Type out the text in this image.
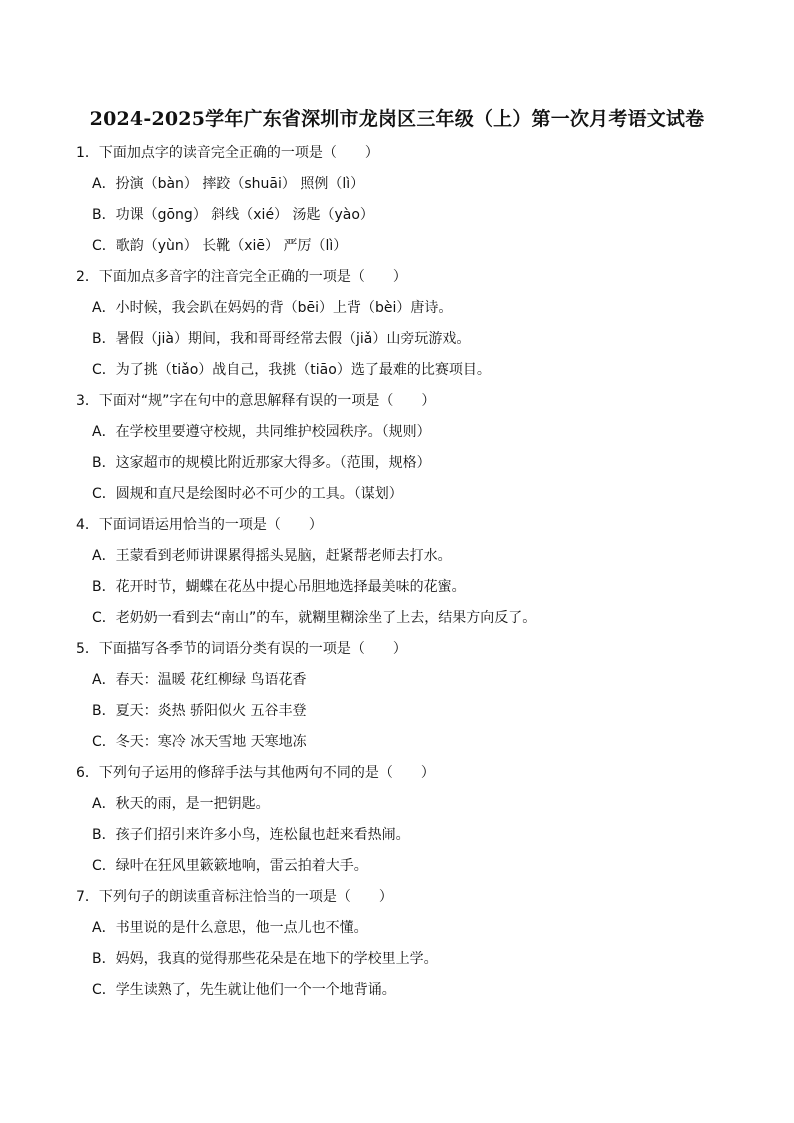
2024-2025学年广东省深圳市龙岗区三年级（上）第一次月考语文试卷
1．下面加点字的读音完全正确的一项是（　　）
A．扮演（bàn） 摔跤（shuāi） 照例（lì）
B．功课（gōng） 斜线（xié） 汤匙（yào）
C．歌韵（yùn） 长靴（xiē） 严厉（lì）
2．下面加点多音字的注音完全正确的一项是（　　）
A．小时候，我会趴在妈妈的背（bēi）上背（bèi）唐诗。
B．暑假（jià）期间，我和哥哥经常去假（jiǎ）山旁玩游戏。
C．为了挑（tiǎo）战自己，我挑（tiāo）选了最难的比赛项目。
3．下面对“规”字在句中的意思解释有误的一项是（　　）
A．在学校里要遵守校规，共同维护校园秩序。（规则）
B．这家超市的规模比附近那家大得多。（范围，规格）
C．圆规和直尺是绘图时必不可少的工具。（谋划）
4．下面词语运用恰当的一项是（　　）
A．王蒙看到老师讲课累得摇头晃脑，赶紧帮老师去打水。
B．花开时节，蝴蝶在花丛中提心吊胆地选择最美味的花蜜。
C．老奶奶一看到去“南山”的车，就糊里糊涂坐了上去，结果方向反了。
5．下面描写各季节的词语分类有误的一项是（　　）
A．春天：温暖 花红柳绿 鸟语花香
B．夏天：炎热 骄阳似火 五谷丰登
C．冬天：寒冷 冰天雪地 天寒地冻
6．下列句子运用的修辞手法与其他两句不同的是（　　）
A．秋天的雨，是一把钥匙。
B．孩子们招引来许多小鸟，连松鼠也赶来看热闹。
C．绿叶在狂风里簌簌地响，雷云拍着大手。
7．下列句子的朗读重音标注恰当的一项是（　　）
A．书里说的是什么意思，他一点儿也不懂。
B．妈妈，我真的觉得那些花朵是在地下的学校里上学。
C．学生读熟了，先生就让他们一个一个地背诵。
